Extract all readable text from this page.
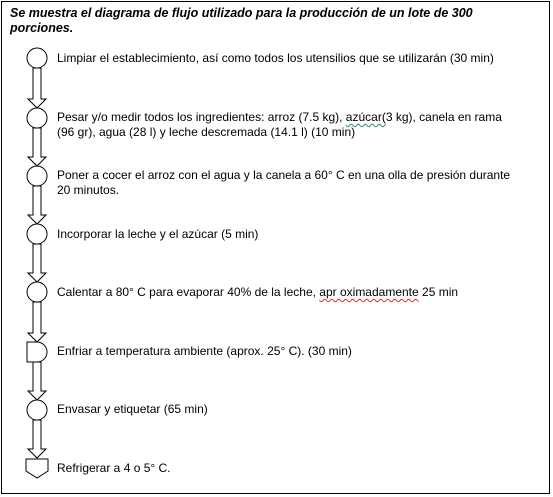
Se muestra el diagrama de flujo utilizado para la producción de un lote de 300 porciones.
Limpiar el establecimiento, así como todos los utensilios que se utilizarán (30 min)
Pesar y/o medir todos los ingredientes: arroz (7.5 kg), azúcar(3 kg), canela en rama (96 gr), agua (28 l) y leche descremada (14.1 l) (10 min)
Poner a cocer el arroz con el agua y la canela a 60° C en una olla de presión durante 20 minutos.
Incorporar la leche y el azúcar (5 min)
Calentar a 80° C para evaporar 40% de la leche, apr oximadamente 25 min
Enfriar a temperatura ambiente (aprox. 25° C). (30 min)
Envasar y etiquetar (65 min)
Refrigerar a 4 o 5° C.
